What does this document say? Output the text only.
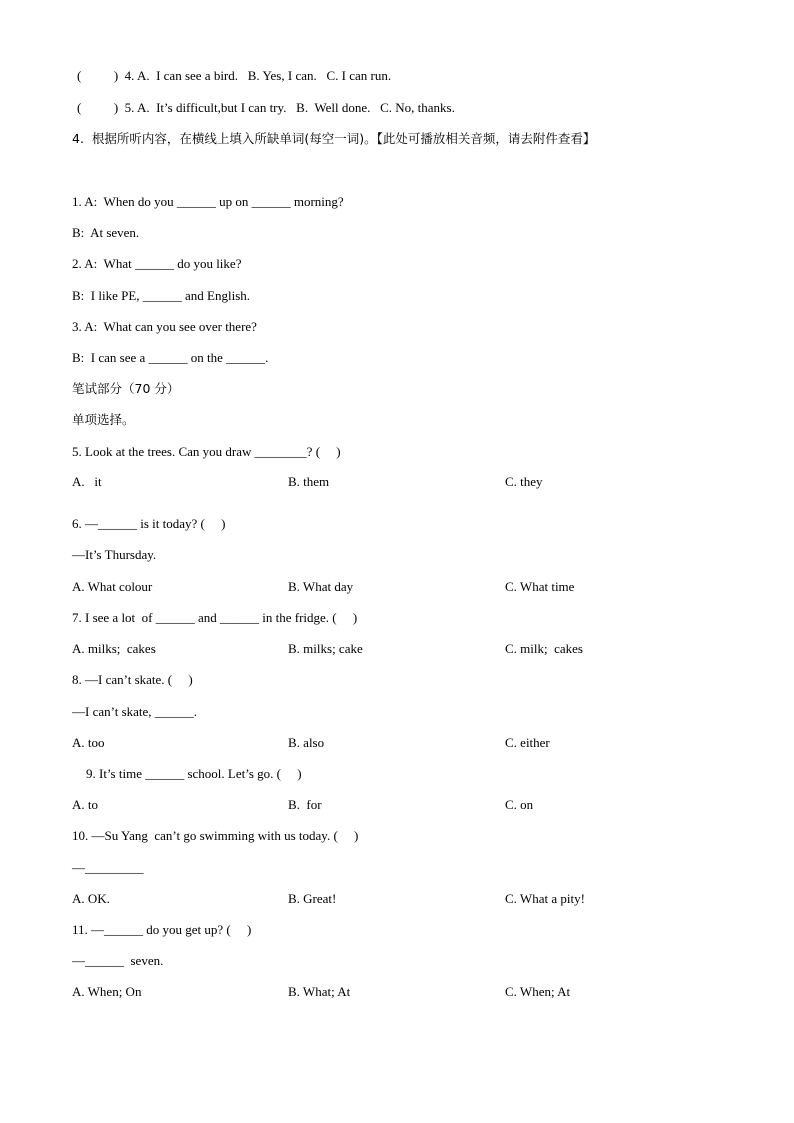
(          )  4. A.  I can see a bird.   B. Yes, I can.   C. I can run.
(          )  5. A.  It’s difficult,but I can try.   B.  Well done.   C. No, thanks.
4.  根据所听内容，在横线上填入所缺单词(每空一词)。【此处可播放相关音频，请去附件查看】
1. A:  When do you ______ up on ______ morning?
B:  At seven.
2. A:  What ______ do you like?
B:  I like PE, ______ and English.
3. A:  What can you see over there?
B:  I can see a ______ on the ______.
笔试部分（70 分）
单项选择。
5. Look at the trees. Can you draw ________? (     )
A.   it	B. them	C. they
6. —______ is it today? (     )
—It’s Thursday.
A. What colour	B. What day	C. What time
7. I see a lot  of ______ and ______ in the fridge. (     )
A. milks;  cakes	B. milks; cake	C. milk;  cakes
8. —I can’t skate. (     )
—I can’t skate, ______.
A. too	B. also	C. either
9. It’s time ______ school. Let’s go. (     )
A. to	B.  for	C. on
10. —Su Yang  can’t go swimming with us today. (     )
—_________
A. OK.	B. Great!	C. What a pity!
11. —______ do you get up? (     )
—______  seven.
A. When; On	B. What; At	C. When; At
